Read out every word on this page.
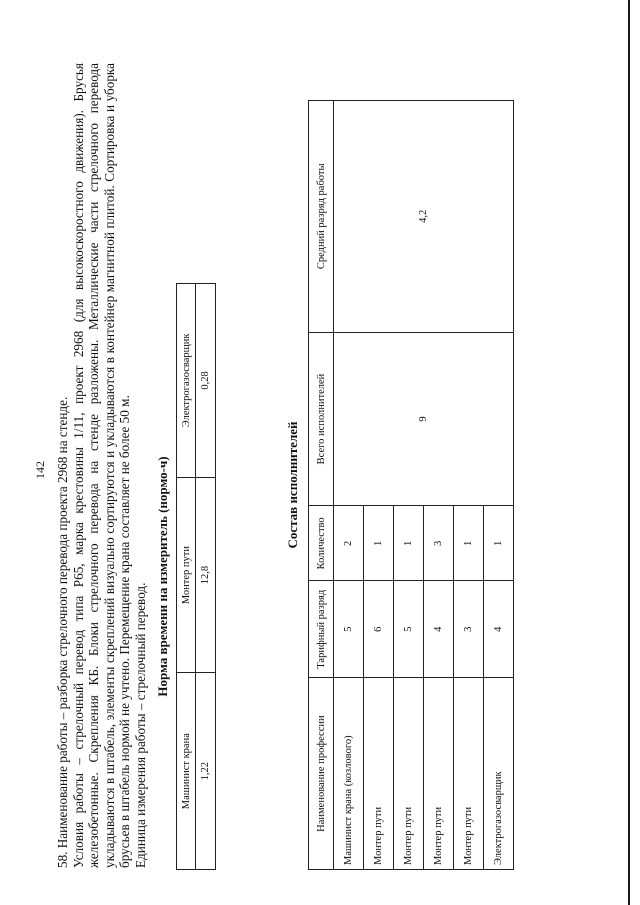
142 58. Наименование работы – разборка стрелочного перевода проекта 2968 на стенде. Условия работы – стрелочный перевод типа Р65, марка крестовины 1/11, проект 2968 (для высокоскоростного движения). Брусья железобетонные. Скрепления КБ. Блоки стрелочного перевода на стенде разложены. Металлические части стрелочного перевода укладываются в штабель, элементы скреплений визуально сортируются и укладываются в контейнер магнитной плитой. Сортировка и уборка брусьев в штабель нормой не учтено. Перемещение крана составляет не более 50 м. Единица измерения работы – стрелочный перевод.
Норма времени на измеритель (нормо-ч)
Машинист крана	Монтер пути	Электрогазосварщик
1,22	12,8	0,28
Состав исполнителей
Наименование профессии	Тарифный разряд	Количество	Всего исполнителей	Средний разряд работы
Машинист крана (козлового)	5	2	9	4,2
Монтер пути	6	1		
Монтер пути	5	1		
Монтер пути	4	3		
Монтер пути	3	1		
Электрогазосварщик	4	1		
